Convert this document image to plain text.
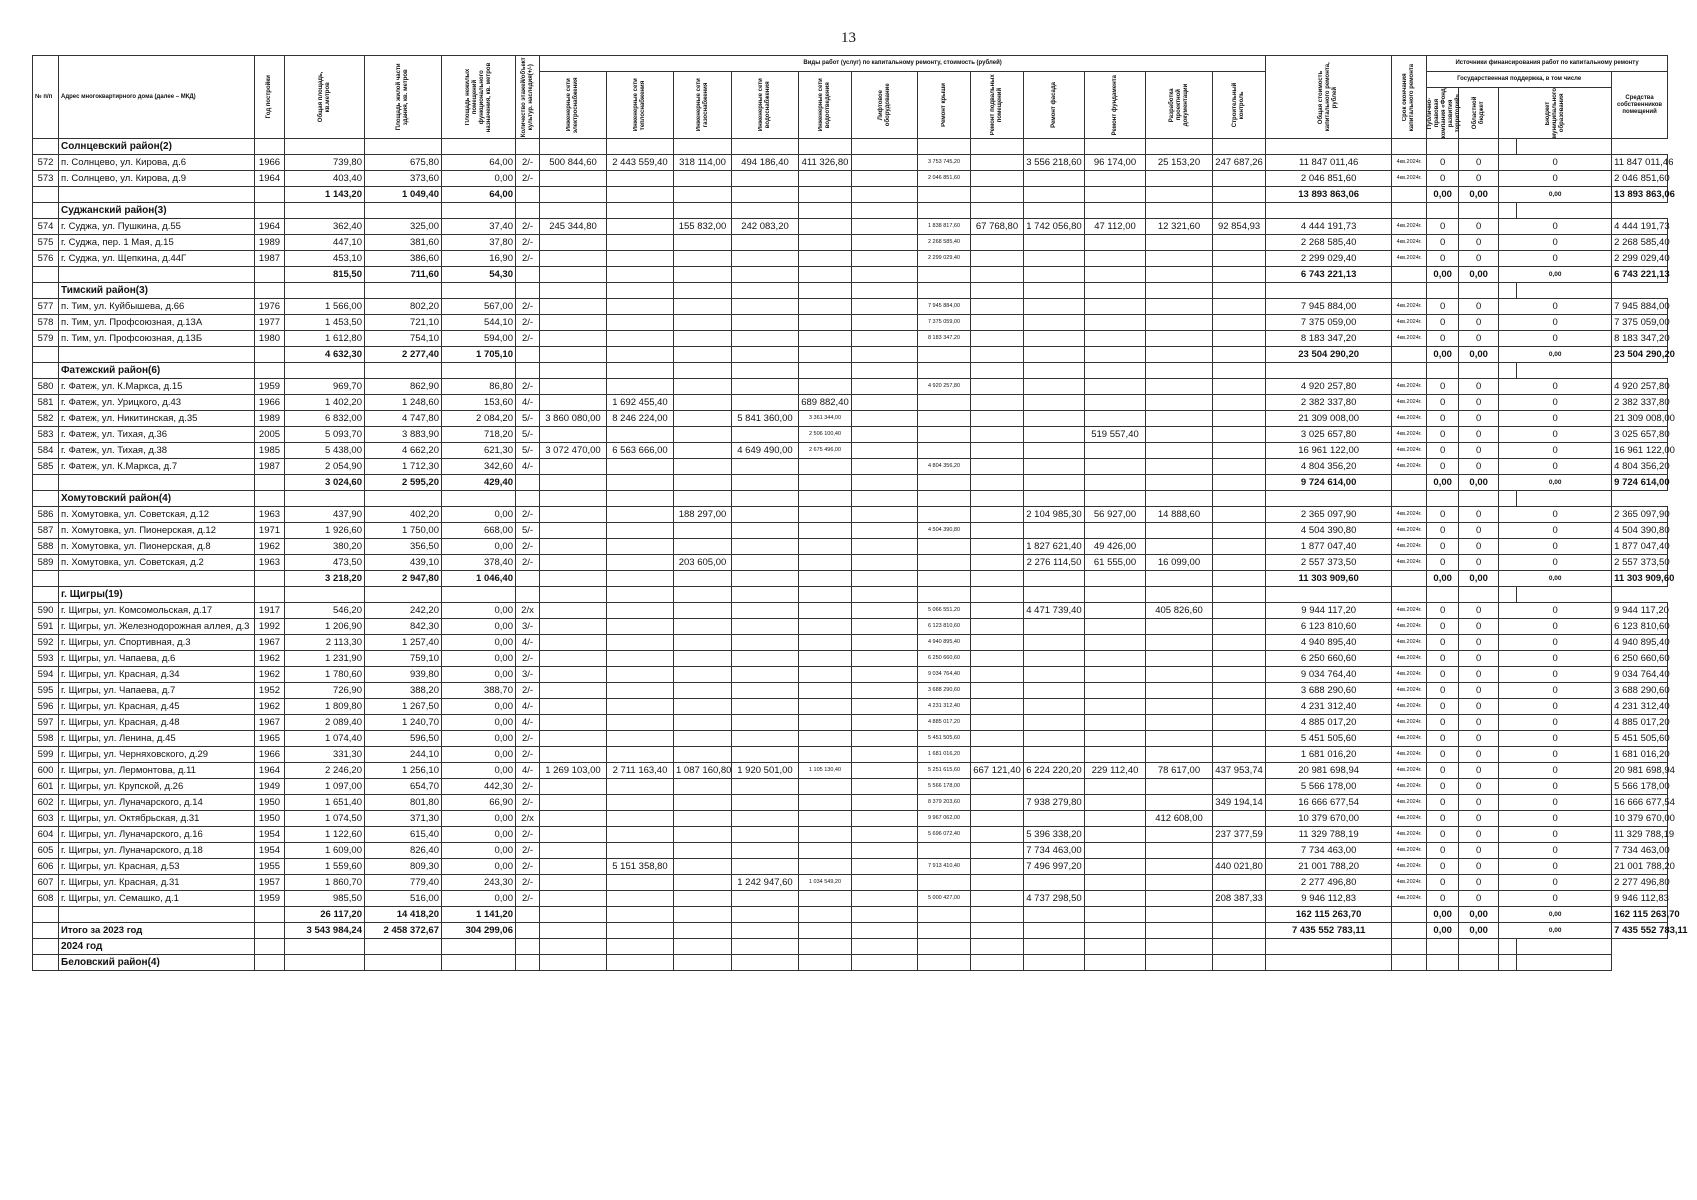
13
№ п/п	Адрес многоквартирного дома (далее – МКД)	Год постройки	Общая площадь, кв.метров	Площадь жилой части здания, кв. метров	Площадь нежилых помещений функционального назначения, кв. метров	Количество этажей/объект культур. наследия(+/-)	Виды работ (услуг) по капитальному ремонту, стоимость (рублей)												Общая стоимость капитального ремонта, рублей	Срок окончания капитального ремонта	Источники финансирования работ по капитальному ремонту				

							Инженерные сети электроснабжения	Инженерные сети теплоснабжения	Инженерные сети газоснабжения	Инженерные сети водоснабжения	Инженерные сети водоотведения	Лифтовое оборудование	Ремонт крыши	Ремонт подвальных помещений	Ремонт фасада	Ремонт фундамента	Разработка проектной документации	Строительный контроль			Государственная поддержка, в том числе				Средства собственников помещений

																					Публично-правовая компания «Фонд развития территорий»	Областной бюджет	Бюджет муниципального образования		

	Солнцевский район(2)																								
572	п. Солнцево, ул. Кирова, д.6	1966	739,80	675,80	64,00	2/-	500 844,60	2 443 559,40	318 114,00	494 186,40	411 326,80		3 753 745,20		3 556 218,60	96 174,00	25 153,20	247 687,26	11 847 011,46	4кв.2024г.	0	0	0		11 847 011,46
573	п. Солнцево, ул. Кирова, д.9	1964	403,40	373,60	0,00	2/-							2 046 851,60						2 046 851,60	4кв.2024г.	0	0	0		2 046 851,60
			1 143,20	1 049,40	64,00														13 893 863,06		0,00	0,00	0,00		13 893 863,06
	Суджанский район(3)																								
574	г. Суджа, ул. Пушкина, д.55	1964	362,40	325,00	37,40	2/-	245 344,80		155 832,00	242 083,20			1 838 817,60	67 768,80	1 742 056,80	47 112,00	12 321,60	92 854,93	4 444 191,73	4кв.2024г.	0	0	0		4 444 191,73
575	г. Суджа, пер. 1 Мая, д.15	1989	447,10	381,60	37,80	2/-							2 268 585,40						2 268 585,40	4кв.2024г.	0	0	0		2 268 585,40
576	г. Суджа, ул. Щепкина, д.44Г	1987	453,10	386,60	16,90	2/-							2 299 029,40						2 299 029,40	4кв.2024г.	0	0	0		2 299 029,40
			815,50	711,60	54,30														6 743 221,13		0,00	0,00	0,00		6 743 221,13
	Тимский район(3)																								
577	п. Тим, ул. Куйбышева, д.66	1976	1 566,00	802,20	567,00	2/-							7 945 884,00						7 945 884,00	4кв.2024г.	0	0	0		7 945 884,00
578	п. Тим, ул. Профсоюзная, д.13А	1977	1 453,50	721,10	544,10	2/-							7 375 059,00						7 375 059,00	4кв.2024г.	0	0	0		7 375 059,00
579	п. Тим, ул. Профсоюзная, д.13Б	1980	1 612,80	754,10	594,00	2/-							8 183 347,20						8 183 347,20	4кв.2024г.	0	0	0		8 183 347,20
			4 632,30	2 277,40	1 705,10														23 504 290,20		0,00	0,00	0,00		23 504 290,20
	Фатежский район(6)																								
580	г. Фатеж, ул. К.Маркса, д.15	1959	969,70	862,90	86,80	2/-							4 920 257,80						4 920 257,80	4кв.2024г.	0	0	0		4 920 257,80
581	г. Фатеж, ул. Урицкого, д.43	1966	1 402,20	1 248,60	153,60	4/-		1 692 455,40			689 882,40								2 382 337,80	4кв.2024г.	0	0	0		2 382 337,80
582	г. Фатеж, ул. Никитинская, д.35	1989	6 832,00	4 747,80	2 084,20	5/-	3 860 080,00	8 246 224,00		5 841 360,00	3 361 344,00								21 309 008,00	4кв.2024г.	0	0	0		21 309 008,00
583	г. Фатеж, ул. Тихая, д.36	2005	5 093,70	3 883,90	718,20	5/-					2 506 100,40					519 557,40			3 025 657,80	4кв.2024г.	0	0	0		3 025 657,80
584	г. Фатеж, ул. Тихая, д.38	1985	5 438,00	4 662,20	621,30	5/-	3 072 470,00	6 563 666,00		4 649 490,00	2 675 496,00								16 961 122,00	4кв.2024г.	0	0	0		16 961 122,00
585	г. Фатеж, ул. К.Маркса, д.7	1987	2 054,90	1 712,30	342,60	4/-							4 804 356,20						4 804 356,20	4кв.2024г.	0	0	0		4 804 356,20
			3 024,60	2 595,20	429,40														9 724 614,00		0,00	0,00	0,00		9 724 614,00
	Хомутовский район(4)																								
586	п. Хомутовка, ул. Советская, д.12	1963	437,90	402,20	0,00	2/-			188 297,00						2 104 985,30	56 927,00	14 888,60		2 365 097,90	4кв.2024г.	0	0	0		2 365 097,90
587	п. Хомутовка, ул. Пионерская, д.12	1971	1 926,60	1 750,00	668,00	5/-							4 504 390,80						4 504 390,80	4кв.2024г.	0	0	0		4 504 390,80
588	п. Хомутовка, ул. Пионерская, д.8	1962	380,20	356,50	0,00	2/-									1 827 621,40	49 426,00			1 877 047,40	4кв.2024г.	0	0	0		1 877 047,40
589	п. Хомутовка, ул. Советская, д.2	1963	473,50	439,10	378,40	2/-			203 605,00						2 276 114,50	61 555,00	16 099,00		2 557 373,50	4кв.2024г.	0	0	0		2 557 373,50
			3 218,20	2 947,80	1 046,40														11 303 909,60		0,00	0,00	0,00		11 303 909,60
	г. Щигры(19)																								
590	г. Щигры, ул. Комсомольская, д.17	1917	546,20	242,20	0,00	2/х							5 066 551,20		4 471 739,40		405 826,60		9 944 117,20	4кв.2024г.	0	0	0		9 944 117,20
591	г. Щигры, ул. Железнодорожная аллея, д.3	1992	1 206,90	842,30	0,00	3/-							6 123 810,60						6 123 810,60	4кв.2024г.	0	0	0		6 123 810,60
592	г. Щигры, ул. Спортивная, д.3	1967	2 113,30	1 257,40	0,00	4/-							4 940 895,40						4 940 895,40	4кв.2024г.	0	0	0		4 940 895,40
593	г. Щигры, ул. Чапаева, д.6	1962	1 231,90	759,10	0,00	2/-							6 250 660,60						6 250 660,60	4кв.2024г.	0	0	0		6 250 660,60
594	г. Щигры, ул. Красная, д.34	1962	1 780,60	939,80	0,00	3/-							9 034 764,40						9 034 764,40	4кв.2024г.	0	0	0		9 034 764,40
595	г. Щигры, ул. Чапаева, д.7	1952	726,90	388,20	388,70	2/-							3 688 290,60						3 688 290,60	4кв.2024г.	0	0	0		3 688 290,60
596	г. Щигры, ул. Красная, д.45	1962	1 809,80	1 267,50	0,00	4/-							4 231 312,40						4 231 312,40	4кв.2024г.	0	0	0		4 231 312,40
597	г. Щигры, ул. Красная, д.48	1967	2 089,40	1 240,70	0,00	4/-							4 885 017,20						4 885 017,20	4кв.2024г.	0	0	0		4 885 017,20
598	г. Щигры, ул. Ленина, д.45	1965	1 074,40	596,50	0,00	2/-							5 451 505,60						5 451 505,60	4кв.2024г.	0	0	0		5 451 505,60
599	г. Щигры, ул. Черняховского, д.29	1966	331,30	244,10	0,00	2/-							1 681 016,20						1 681 016,20	4кв.2024г.	0	0	0		1 681 016,20
600	г. Щигры, ул. Лермонтова, д.11	1964	2 246,20	1 256,10	0,00	4/-	1 269 103,00	2 711 163,40	1 087 160,80	1 920 501,00	1 105 130,40		5 251 615,60	667 121,40	6 224 220,20	229 112,40	78 617,00	437 953,74	20 981 698,94	4кв.2024г.	0	0	0		20 981 698,94
601	г. Щигры, ул. Крупской, д.26	1949	1 097,00	654,70	442,30	2/-							5 566 178,00						5 566 178,00	4кв.2024г.	0	0	0		5 566 178,00
602	г. Щигры, ул. Луначарского, д.14	1950	1 651,40	801,80	66,90	2/-							8 379 203,60		7 938 279,80			349 194,14	16 666 677,54	4кв.2024г.	0	0	0		16 666 677,54
603	г. Щигры, ул. Октябрьская, д.31	1950	1 074,50	371,30	0,00	2/х							9 967 062,00				412 608,00		10 379 670,00	4кв.2024г.	0	0	0		10 379 670,00
604	г. Щигры, ул. Луначарского, д.16	1954	1 122,60	615,40	0,00	2/-							5 696 072,40		5 396 338,20			237 377,59	11 329 788,19	4кв.2024г.	0	0	0		11 329 788,19
605	г. Щигры, ул. Луначарского, д.18	1954	1 609,00	826,40	0,00	2/-									7 734 463,00				7 734 463,00	4кв.2024г.	0	0	0		7 734 463,00
606	г. Щигры, ул. Красная, д.53	1955	1 559,60	809,30	0,00	2/-		5 151 358,80					7 913 410,40		7 496 997,20			440 021,80	21 001 788,20	4кв.2024г.	0	0	0		21 001 788,20
607	г. Щигры, ул. Красная, д.31	1957	1 860,70	779,40	243,30	2/-				1 242 947,60	1 034 549,20								2 277 496,80	4кв.2024г.	0	0	0		2 277 496,80
608	г. Щигры, ул. Семашко, д.1	1959	985,50	516,00	0,00	2/-							5 000 427,00		4 737 298,50			208 387,33	9 946 112,83	4кв.2024г.	0	0	0		9 946 112,83
			26 117,20	14 418,20	1 141,20														162 115 263,70		0,00	0,00	0,00		162 115 263,70
	Итого за 2023 год		3 543 984,24	2 458 372,67	304 299,06														7 435 552 783,11		0,00	0,00	0,00		7 435 552 783,11
	2024 год																								
	Беловский район(4)																								
